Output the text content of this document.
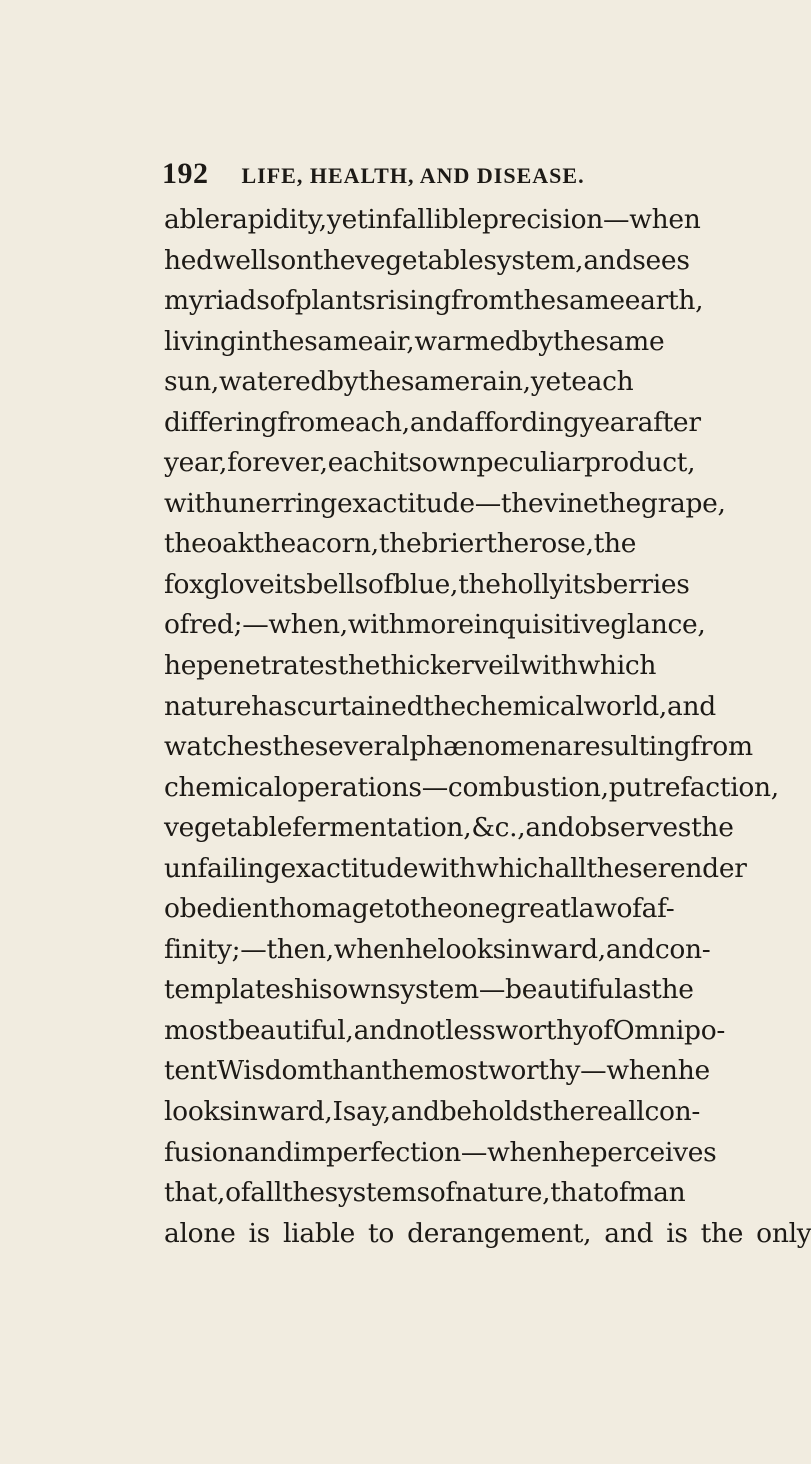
192 LIFE, HEALTH, AND DISEASE.
able rapidity, yet infallible precision—when
he dwells on the vegetable system, and sees
myriads of plants rising from the same earth,
living in the same air, warmed by the same
sun, watered by the same rain, yet each
differing from each, and affording year after
year, for ever, each its own peculiar product,
with unerring exactitude—the vine the grape,
the oak the acorn, the brier the rose, the
foxglove its bells of blue, the holly its berries
of red;—when, with more inquisitive glance,
he penetrates the thicker veil with which
nature has curtained the chemical world, and
watches the several phænomena resulting from
chemical operations—combustion, putrefaction,
vegetable fermentation, &c., and observes the
unfailing exactitude with which all these render
obedient homage to the one great law of af-
finity;—then, when he looks inward, and con-
templates his own system—beautiful as the
most beautiful, and not less worthy of Omnipo-
tent Wisdom than the most worthy—when he
looks inward, I say, and beholds there all con-
fusion and imperfection—when he perceives
that, of all the systems of nature, that of man
alone is liable to derangement, and is the only
